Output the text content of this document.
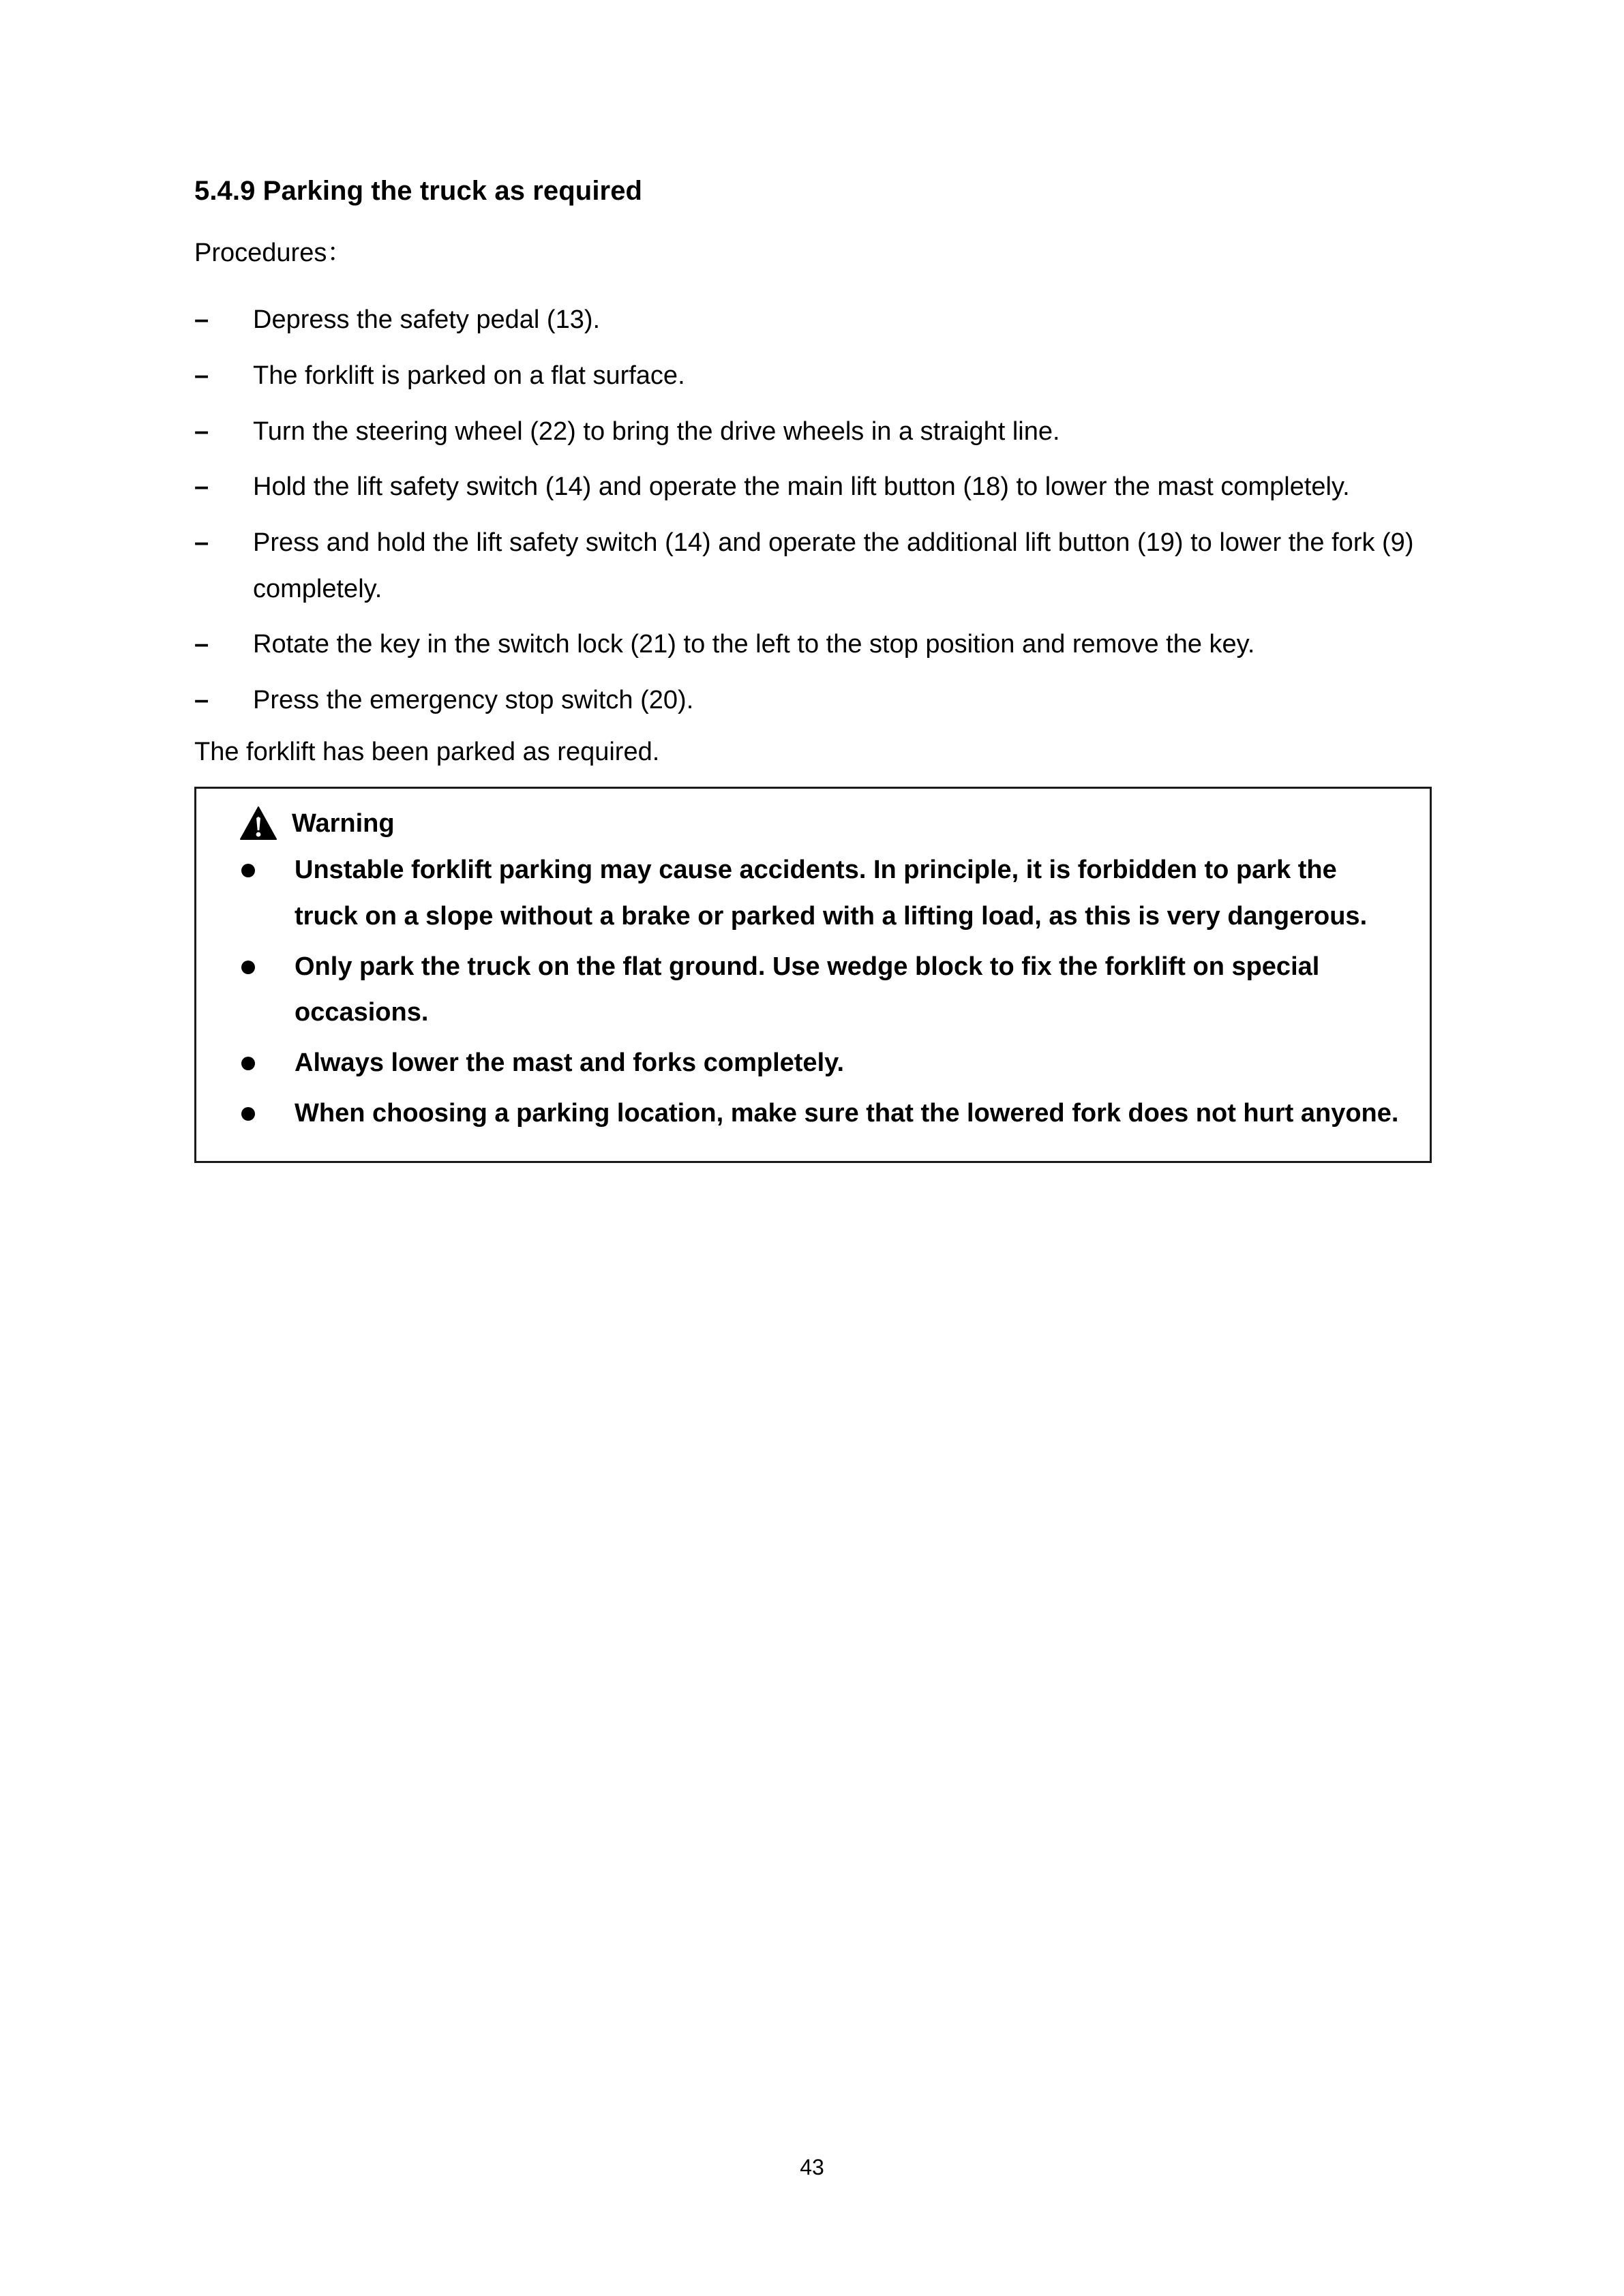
5.4.9 Parking the truck as required

Procedures：

– Depress the safety pedal (13).
– The forklift is parked on a flat surface.
– Turn the steering wheel (22) to bring the drive wheels in a straight line.
– Hold the lift safety switch (14) and operate the main lift button (18) to lower the mast completely.
– Press and hold the lift safety switch (14) and operate the additional lift button (19) to lower the fork (9) completely.
– Rotate the key in the switch lock (21) to the left to the stop position and remove the key.
– Press the emergency stop switch (20).

The forklift has been parked as required.

Warning
Unstable forklift parking may cause accidents. In principle, it is forbidden to park the truck on a slope without a brake or parked with a lifting load, as this is very dangerous.
Only park the truck on the flat ground. Use wedge block to fix the forklift on special occasions.
Always lower the mast and forks completely.
When choosing a parking location, make sure that the lowered fork does not hurt anyone.
43
